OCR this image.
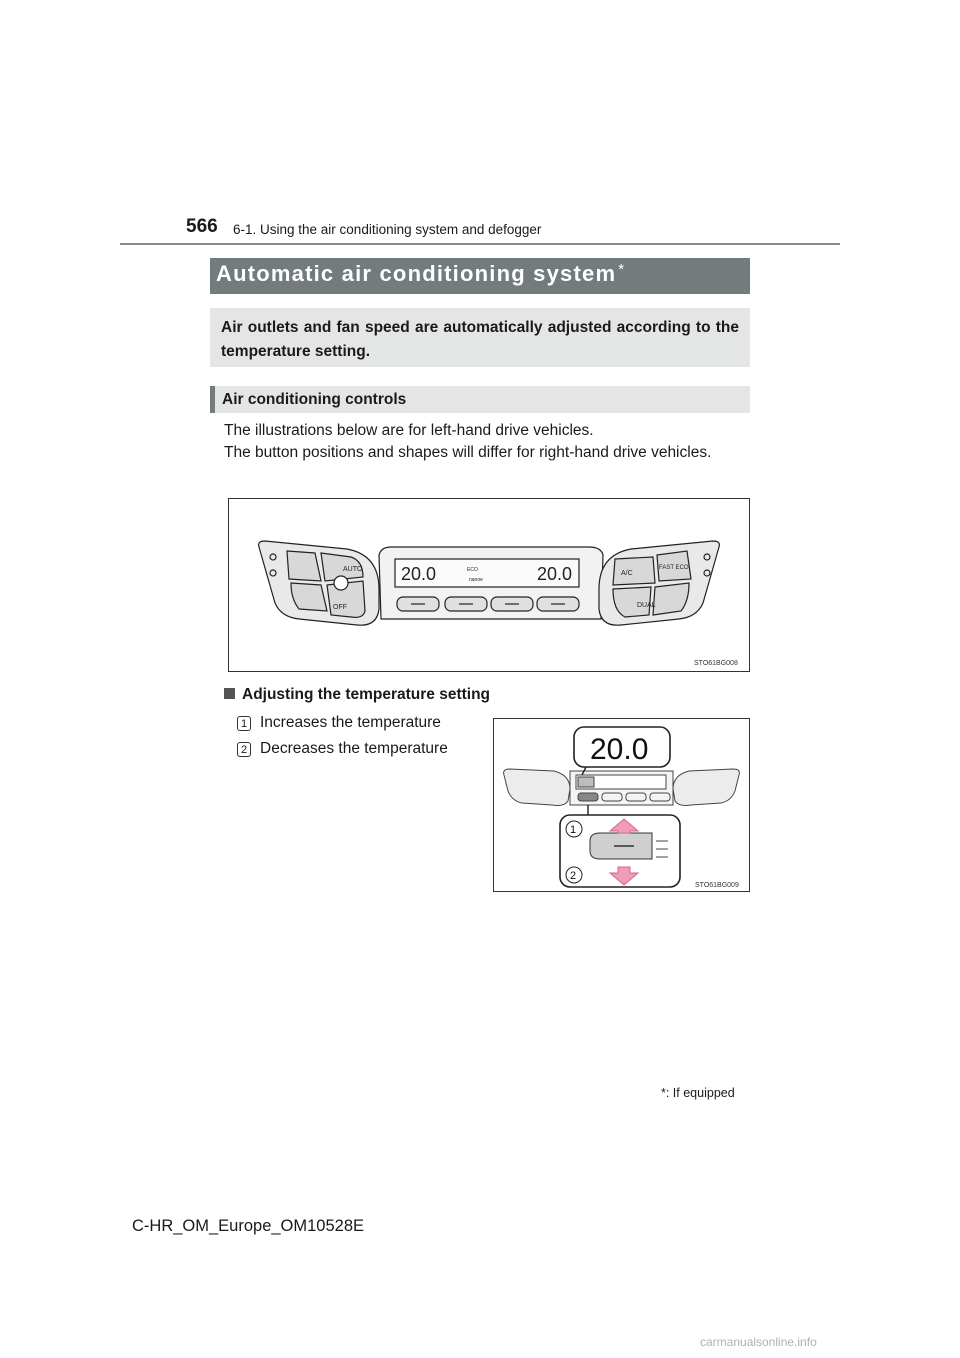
566 6-1. Using the air conditioning system and defogger
Automatic air conditioning system *
Air outlets and fan speed are automatically adjusted according to the temperature setting.
Air conditioning controls

The illustrations below are for left-hand drive vehicles.

The button positions and shapes will differ for right-hand drive vehicles.

20.0	20.0
ECO
nanoe
AUTO
OFF
A/C
FAST ECO
DUAL
STO61BG008
Adjusting the temperature setting
1 Increases the temperature
2 Decreases the temperature	20.0
1
2
STO61BG009
*: If equipped
C-HR_OM_Europe_OM10528E
carmanualsonline.info
